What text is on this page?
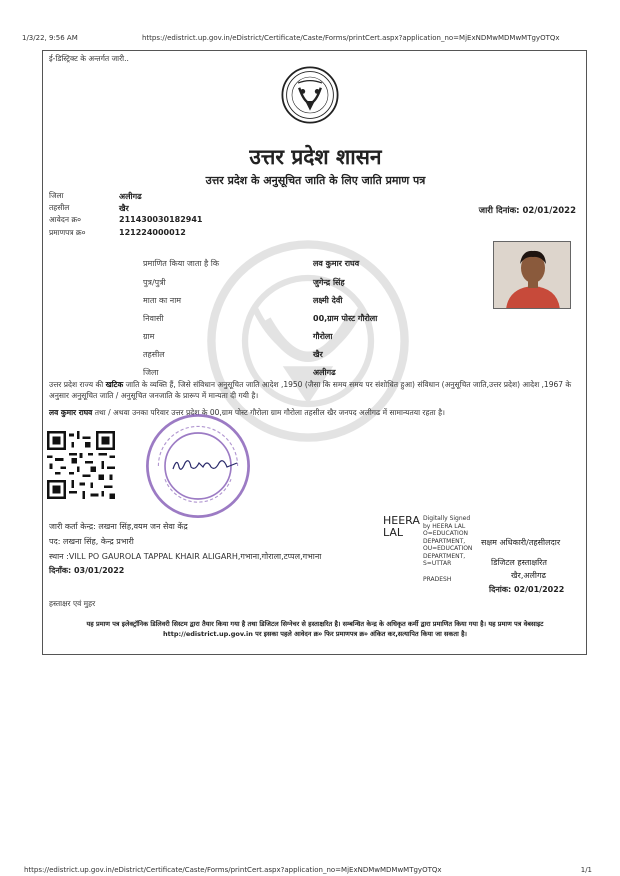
1/3/22, 9:56 AM	https://edistrict.up.gov.in/eDistrict/Certificate/Caste/Forms/printCert.aspx?application_no=MjExNDMwMDMwMTgyOTQx
ई-डिस्ट्रिक्ट के अन्तर्गत जारी..
उत्तर प्रदेश शासन
उत्तर प्रदेश के अनुसूचित जाति के लिए जाति प्रमाण पत्र
जिला	अलीगढ
तहसील	खैर
आवेदन क्र०	211430030182941
प्रमाणपत्र क्र०	121224000012
जारी दिनांक: 02/01/2022
प्रमाणित किया जाता है कि	लव कुमार राघव
पुत्र/पुत्री	जुगेन्द्र सिंह
माता का नाम	लक्ष्मी देवी
निवासी	00,ग्राम पोस्ट गौरोला
ग्राम	गौरोला
तहसील	खैर
जिला	अलीगढ
उत्तर प्रदेश राज्य की खटिक जाति के व्यक्ति हैं, जिसे संविधान अनुसूचित जाति आदेश ,1950 (जैसा कि समय समय पर संशोधित हुआ) संविधान (अनुसूचित जाति,उत्तर प्रदेश) आदेश ,1967 के अनुसार अनुसूचित जाति / अनुसूचित जनजाति के प्रारूप में मान्यता दी गयी है।
लव कुमार राघव तथा / अथवा उनका परिवार उत्तर प्रदेश के 00,ग्राम पोस्ट गौरोला ग्राम गौरोला तहसील खैर जनपद अलीगढ में सामान्यतया रहता है।
जारी कर्ता केन्द्र: लखना सिंह,वयम जन सेवा केंद्र
पद: लखना सिंह, केन्द्र प्रभारी
स्थान :VILL PO GAUROLA TAPPAL KHAIR ALIGARH,गभाना,गोराला,टप्पल,गभाना
दिनाँक: 03/01/2022
HEERA LAL
Digitally Signed
by HEERA LAL
O=EDUCATION
DEPARTMENT,
OU=EDUCATION
DEPARTMENT,
S=UTTAR
PRADESH
सक्षम अधिकारी/तहसीलदार
डिजिटल हस्ताक्षरित
खैर,अलीगढ
दिनांक: 02/01/2022
हस्ताक्षर एवं मुहर
यह प्रमाण पत्र इलेक्ट्रॉनिक डिलिवरी सिस्टम द्वारा तैयार किया गया है तथा डिजिटल सिग्नेचर से हस्ताक्षरित है। सम्बन्धित केन्द्र के अधिकृत कर्मी द्वारा प्रमाणित किया गया है। यह प्रमाण पत्र वेबसाइट
http://edistrict.up.gov.in पर इसका पहले आवेदन क्र० फिर प्रमाणपत्र क्र० अंकित कर,सत्यापित किया जा सकता है।
https://edistrict.up.gov.in/eDistrict/Certificate/Caste/Forms/printCert.aspx?application_no=MjExNDMwMDMwMTgyOTQx	1/1
